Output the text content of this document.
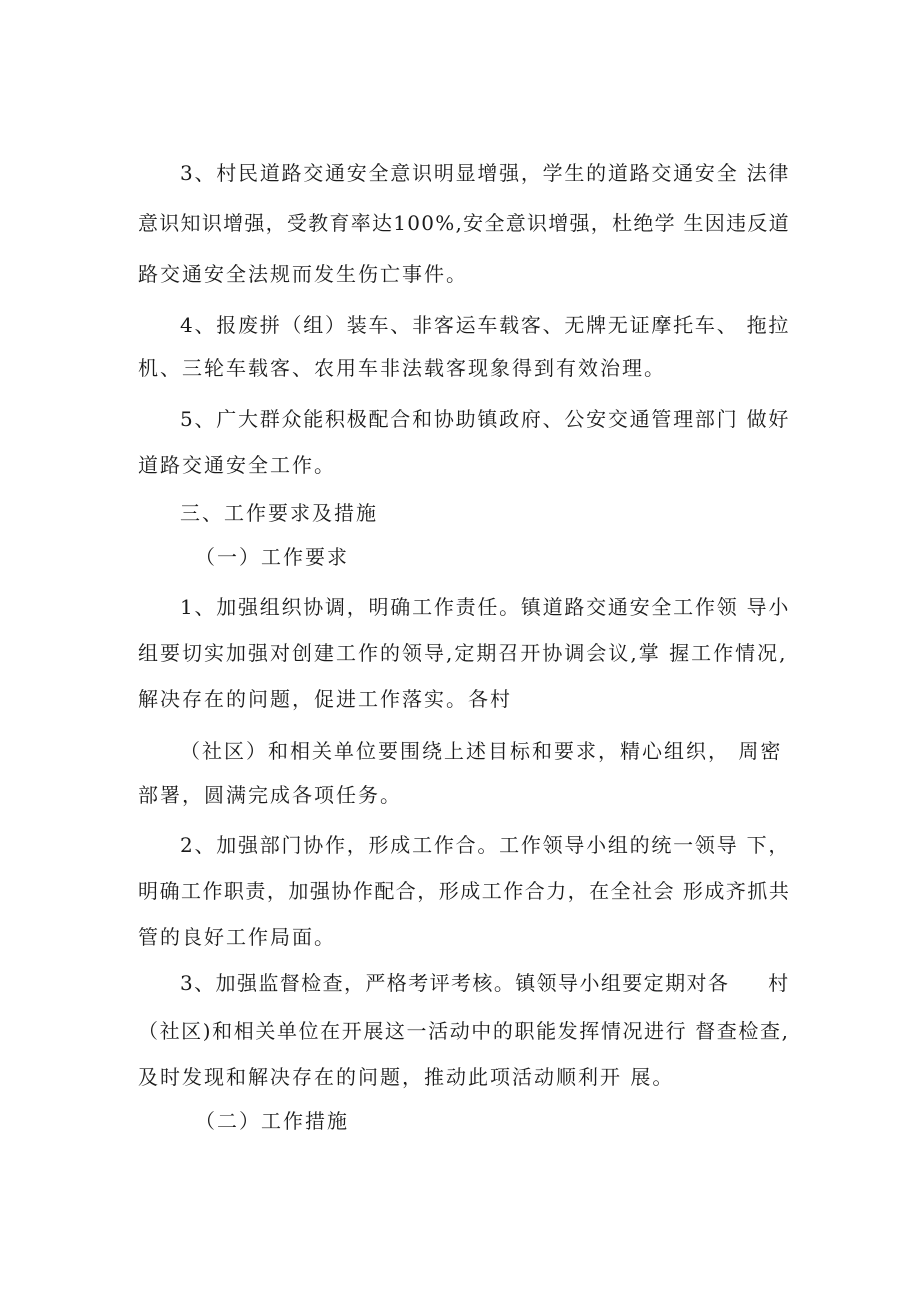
3、村民道路交通安全意识明显增强，学生的道路交通安全 法律
意识知识增强，受教育率达100%,安全意识增强，杜绝学 生因违反道
路交通安全法规而发生伤亡事件。
4、报废拼（组）装车、非客运车载客、无牌无证摩托车、 拖拉
机、三轮车载客、农用车非法载客现象得到有效治理。
5、广大群众能积极配合和协助镇政府、公安交通管理部门 做好
道路交通安全工作。
三、工作要求及措施
（一）工作要求
1、加强组织协调，明确工作责任。镇道路交通安全工作领 导小
组要切实加强对创建工作的领导,定期召开协调会议,掌 握工作情况,
解决存在的问题，促进工作落实。各村
（社区）和相关单位要围绕上述目标和要求，精心组织， 周密
部署，圆满完成各项任务。
2、加强部门协作，形成工作合。工作领导小组的统一领导 下，
明确工作职责，加强协作配合，形成工作合力，在全社会 形成齐抓共
管的良好工作局面。
3、加强监督检查，严格考评考核。镇领导小组要定期对各     村
（社区)和相关单位在开展这一活动中的职能发挥情况进行 督查检查,
及时发现和解决存在的问题，推动此项活动顺利开 展。
（二）工作措施
